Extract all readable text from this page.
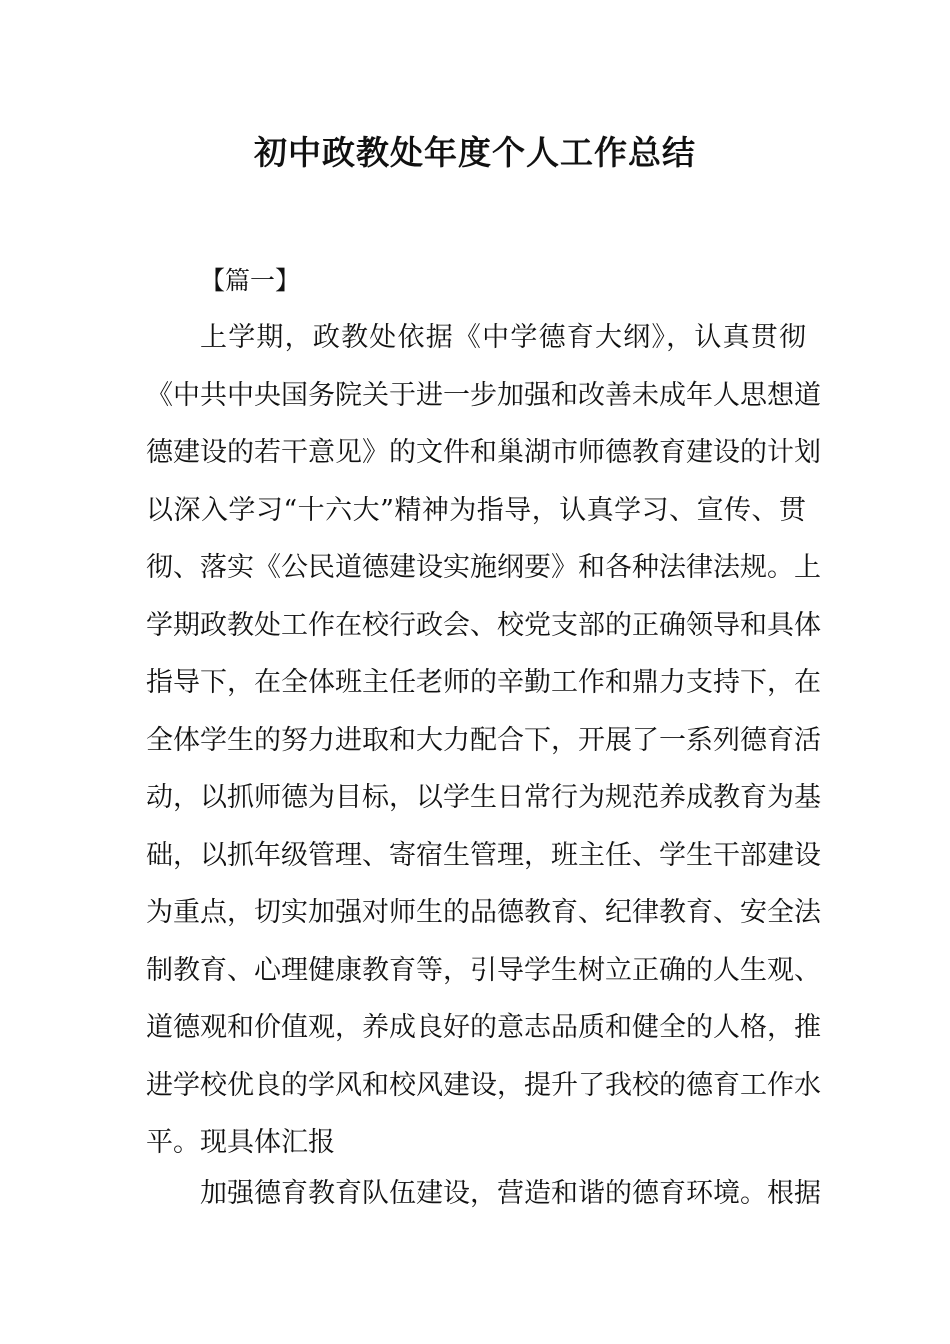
初中政教处年度个人工作总结
【篇一】
上学期，政教处依据《中学德育大纲》，认真贯彻
《中共中央国务院关于进一步加强和改善未成年人思想道
德建设的若干意见》的文件和巢湖市师德教育建设的计划
以深入学习“十六大”精神为指导，认真学习、宣传、贯
彻、落实《公民道德建设实施纲要》和各种法律法规。上
学期政教处工作在校行政会、校党支部的正确领导和具体
指导下，在全体班主任老师的辛勤工作和鼎力支持下，在
全体学生的努力进取和大力配合下，开展了一系列德育活
动，以抓师德为目标，以学生日常行为规范养成教育为基
础，以抓年级管理、寄宿生管理，班主任、学生干部建设
为重点，切实加强对师生的品德教育、纪律教育、安全法
制教育、心理健康教育等，引导学生树立正确的人生观、
道德观和价值观，养成良好的意志品质和健全的人格，推
进学校优良的学风和校风建设，提升了我校的德育工作水
平。现具体汇报
加强德育教育队伍建设，营造和谐的德育环境。根据
